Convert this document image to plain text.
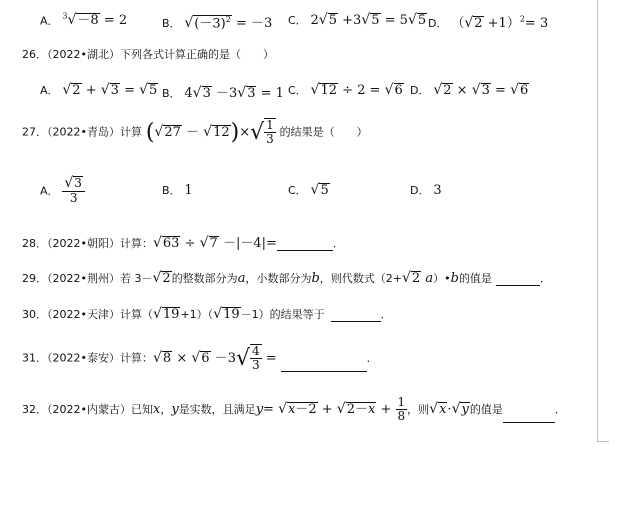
A． $^3$√－8 = 2	B． $√(-3)^2 = -3$ C． 2√5 +3√5 = 5√5 D． $(√2 +1)^2= 3$
26．（2022•湖北）下列各式计算正确的是（　　）
A． √2 + √3 = √5 B． 4√3 －3√3 = 1 C． √12 ÷ 2 = √6 D． √2 × √3 = √6
27．（2022•青岛）计算 $(√27 - √12)\times√ \frac{1}{3}$ 的结果是（　　）
A． $\frac{√3}{3}$	B． 1	C． √5	D． 3
28．（2022•朝阳）计算：√63 ÷ √7 －|－4|=	．
29．（2022•荆州）若 3－√2的整数部分为a，小数部分为b，则代数式（2+√2 a）•b的值是	．
30．（2022•天津）计算（√19+1）（√19－1）的结果等于	．
31．（2022•泰安）计算：$√8 \times √6 -3√ \frac{4}{3}$ =	．
32．（2022•内蒙古）已知x，y是实数，且满足$y= √x-2 + √2-x + \frac{1}{8}$ ，则√x·√y的值是	．
